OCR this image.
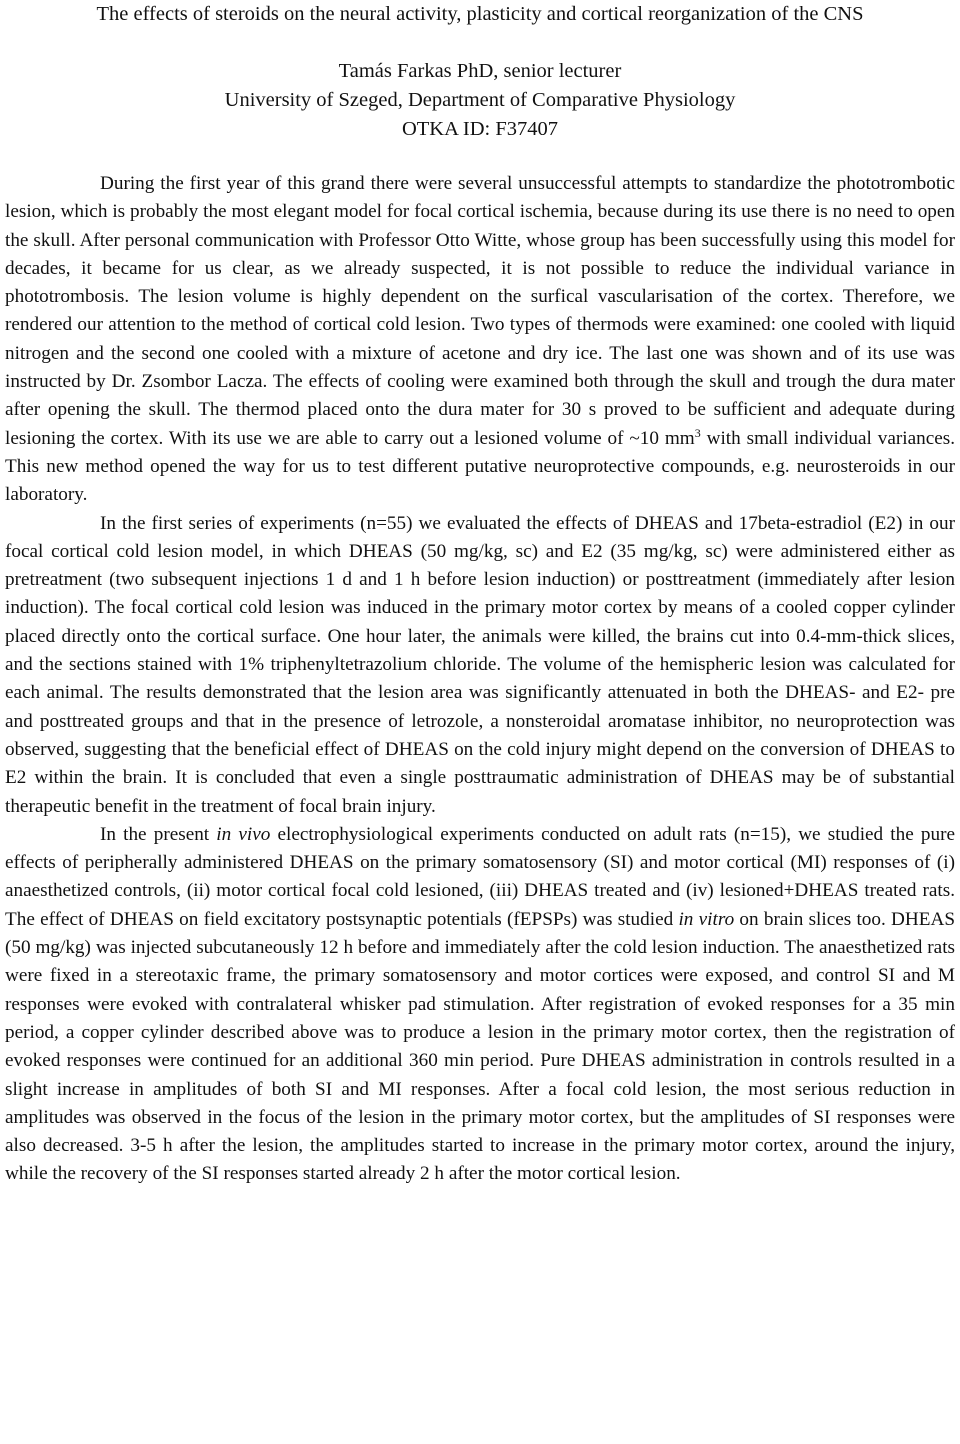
The effects of steroids on the neural activity, plasticity and cortical reorganization of the CNS
Tamás Farkas PhD, senior lecturer
University of Szeged, Department of Comparative Physiology
OTKA ID: F37407

During the first year of this grand there were several unsuccessful attempts to standardize the phototrombotic lesion, which is probably the most elegant model for focal cortical ischemia, because during its use there is no need to open the skull. After personal communication with Professor Otto Witte, whose group has been successfully using this model for decades, it became for us clear, as we already suspected, it is not possible to reduce the individual variance in phototrombosis. The lesion volume is highly dependent on the surfical vascularisation of the cortex. Therefore, we rendered our attention to the method of cortical cold lesion. Two types of thermods were examined: one cooled with liquid nitrogen and the second one cooled with a mixture of acetone and dry ice. The last one was shown and of its use was instructed by Dr. Zsombor Lacza. The effects of cooling were examined both through the skull and trough the dura mater after opening the skull. The thermod placed onto the dura mater for 30 s proved to be sufficient and adequate during lesioning the cortex. With its use we are able to carry out a lesioned volume of ~10 $mm^3$ with small individual variances. This new method opened the way for us to test different putative neuroprotective compounds, e.g. neurosteroids in our laboratory.

In the first series of experiments (n=55) we evaluated the effects of DHEAS and 17beta-estradiol (E2) in our focal cortical cold lesion model, in which DHEAS (50 mg/kg, sc) and E2 (35 mg/kg, sc) were administered either as pretreatment (two subsequent injections 1 d and 1 h before lesion induction) or posttreatment (immediately after lesion induction). The focal cortical cold lesion was induced in the primary motor cortex by means of a cooled copper cylinder placed directly onto the cortical surface. One hour later, the animals were killed, the brains cut into 0.4-mm-thick slices, and the sections stained with 1% triphenyltetrazolium chloride. The volume of the hemispheric lesion was calculated for each animal. The results demonstrated that the lesion area was significantly attenuated in both the DHEAS- and E2- pre and posttreated groups and that in the presence of letrozole, a nonsteroidal aromatase inhibitor, no neuroprotection was observed, suggesting that the beneficial effect of DHEAS on the cold injury might depend on the conversion of DHEAS to E2 within the brain. It is concluded that even a single posttraumatic administration of DHEAS may be of substantial therapeutic benefit in the treatment of focal brain injury.

In the present in vivo electrophysiological experiments conducted on adult rats (n=15), we studied the pure effects of peripherally administered DHEAS on the primary somatosensory (SI) and motor cortical (MI) responses of (i) anaesthetized controls, (ii) motor cortical focal cold lesioned, (iii) DHEAS treated and (iv) lesioned+DHEAS treated rats. The effect of DHEAS on field excitatory postsynaptic potentials (fEPSPs) was studied in vitro on brain slices too. DHEAS (50 mg/kg) was injected subcutaneously 12 h before and immediately after the cold lesion induction. The anaesthetized rats were fixed in a stereotaxic frame, the primary somatosensory and motor cortices were exposed, and control SI and M responses were evoked with contralateral whisker pad stimulation. After registration of evoked responses for a 35 min period, a copper cylinder described above was to produce a lesion in the primary motor cortex, then the registration of evoked responses were continued for an additional 360 min period. Pure DHEAS administration in controls resulted in a slight increase in amplitudes of both SI and MI responses. After a focal cold lesion, the most serious reduction in amplitudes was observed in the focus of the lesion in the primary motor cortex, but the amplitudes of SI responses were also decreased. 3-5 h after the lesion, the amplitudes started to increase in the primary motor cortex, around the injury, while the recovery of the SI responses started already 2 h after the motor cortical lesion.
